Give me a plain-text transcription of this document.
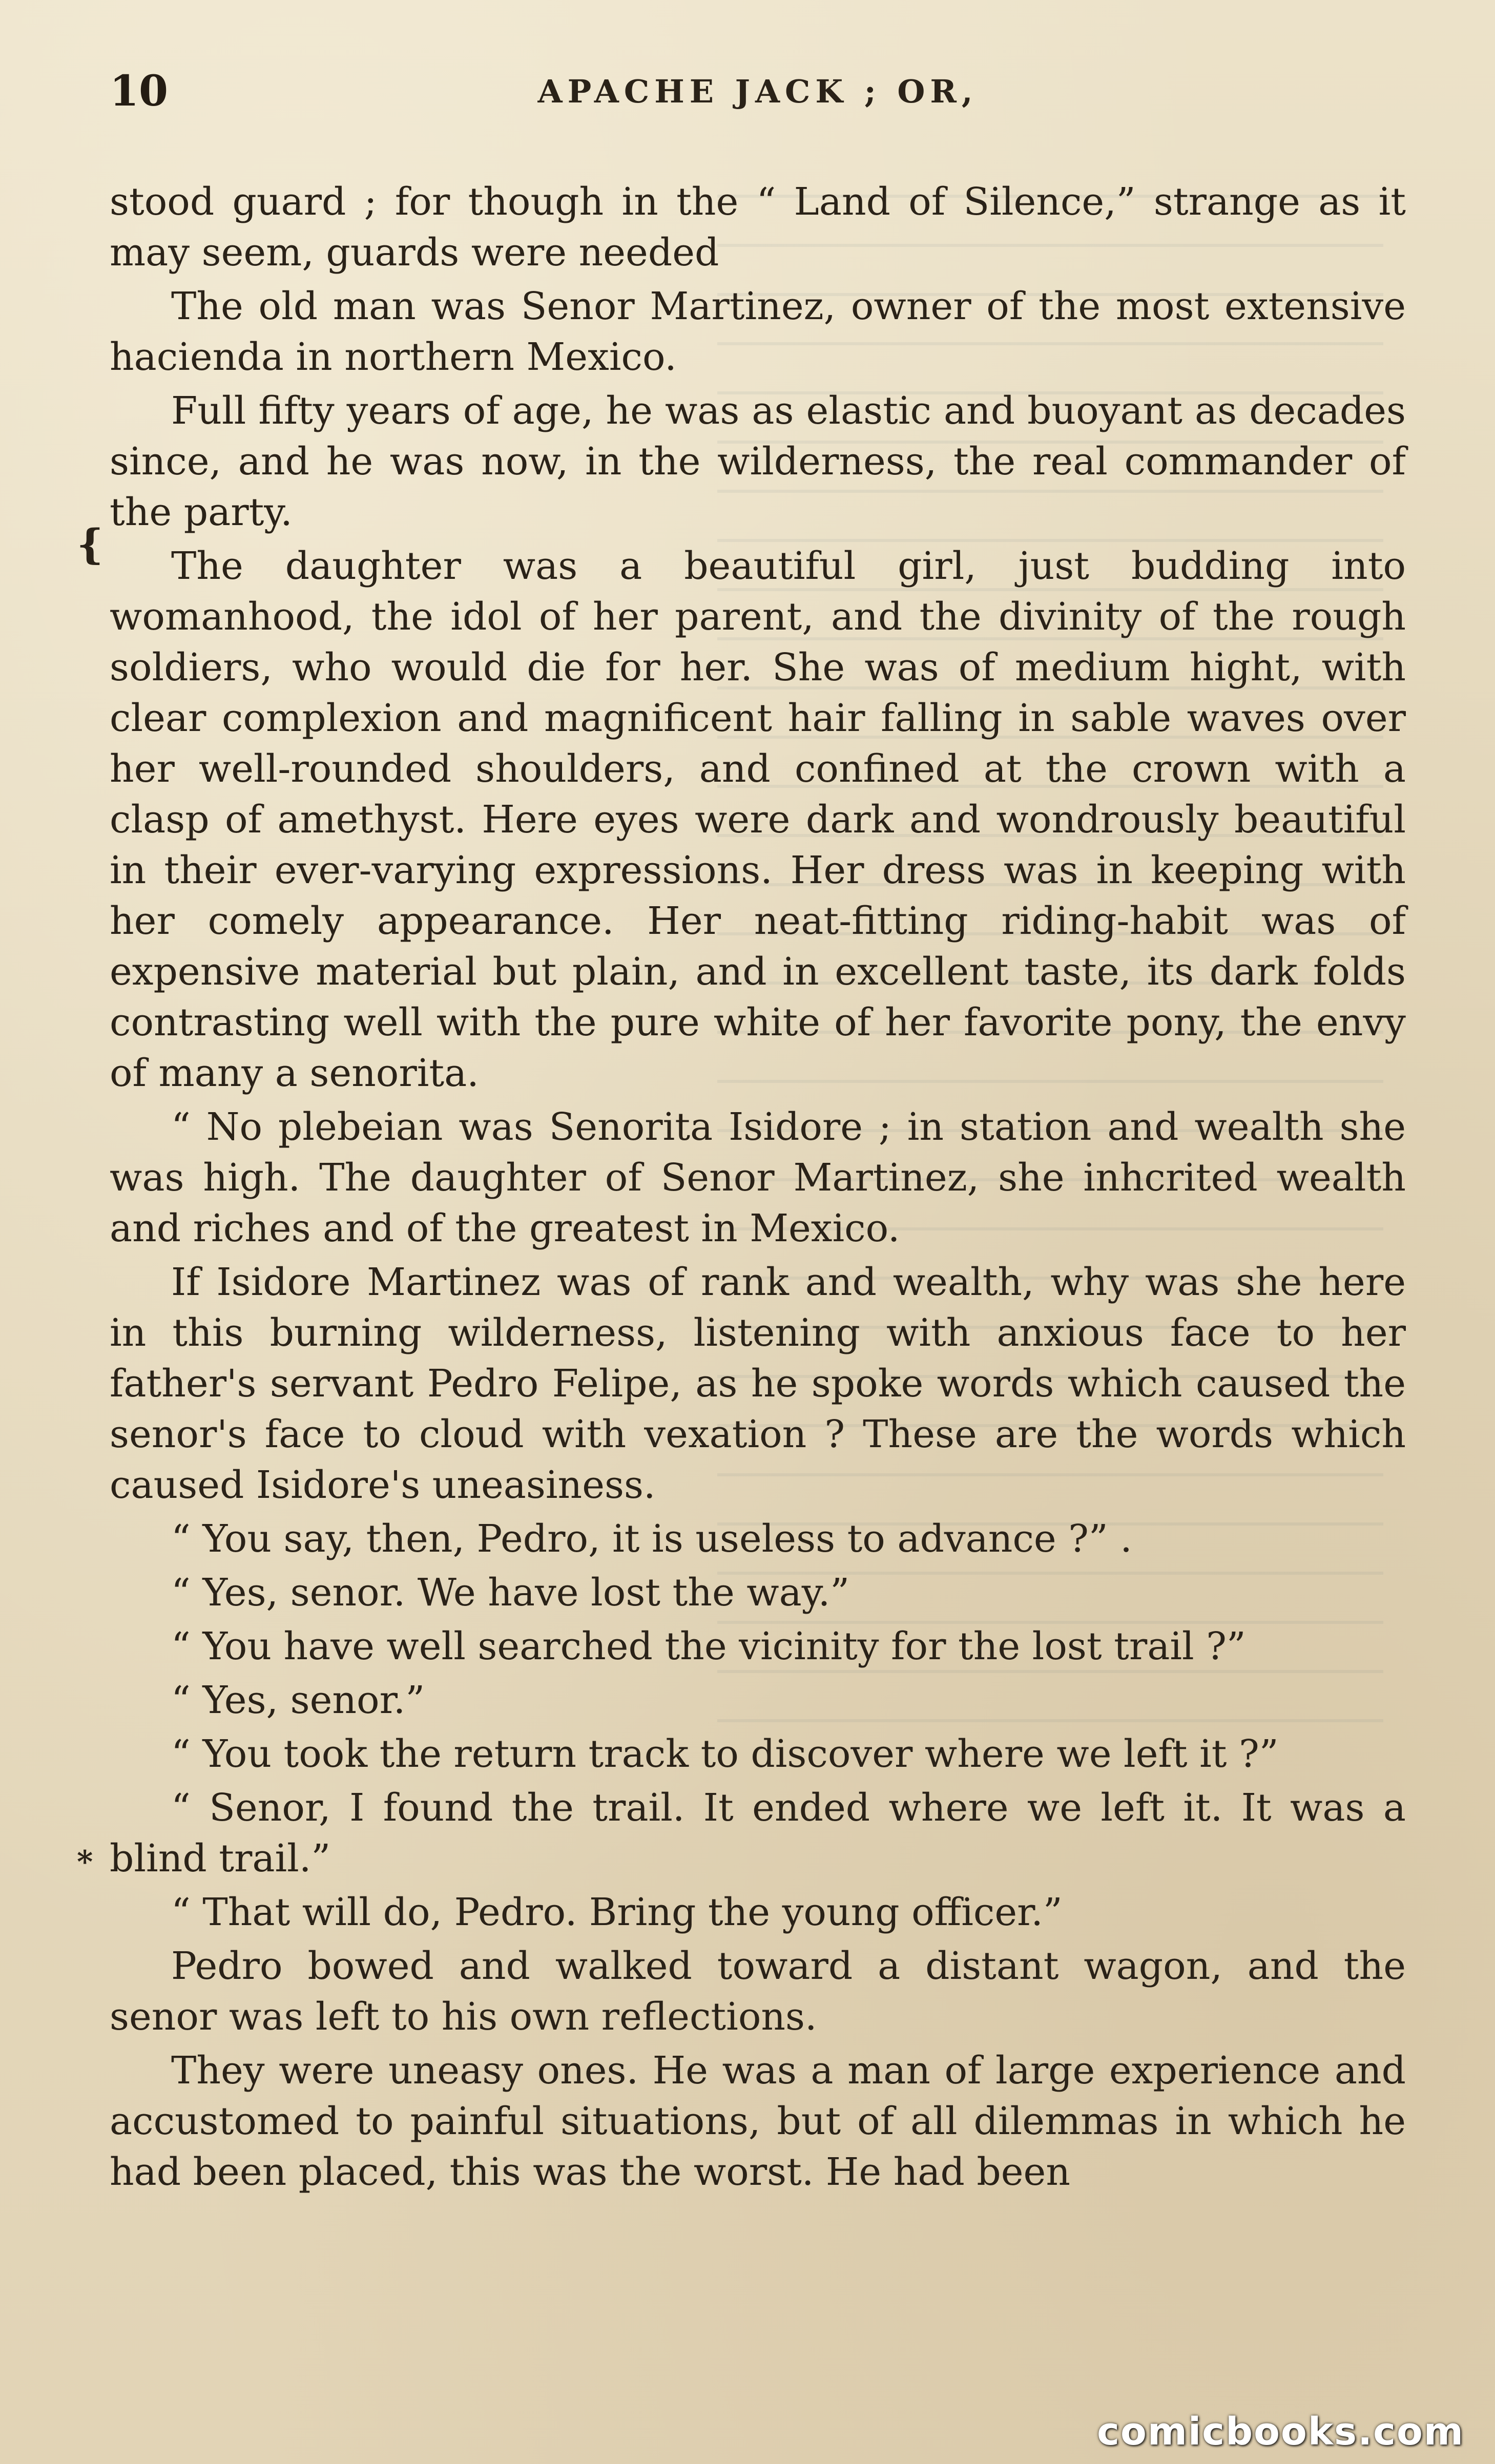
10	APACHE JACK ; OR,
{
*

stood guard ; for though in the “ Land of Silence,” strange as it may seem, guards were needed

The old man was Senor Martinez, owner of the most extensive hacienda in northern Mexico.

Full fifty years of age, he was as elastic and buoyant as decades since, and he was now, in the wilderness, the real commander of the party.

The daughter was a beautiful girl, just budding into womanhood, the idol of her parent, and the divinity of the rough soldiers, who would die for her. She was of medium hight, with clear complexion and magnificent hair falling in sable waves over her well-rounded shoulders, and confined at the crown with a clasp of amethyst. Here eyes were dark and wondrously beautiful in their ever-varying expressions. Her dress was in keeping with her comely appearance. Her neat-fitting riding-habit was of expensive material but plain, and in excellent taste, its dark folds contrasting well with the pure white of her favorite pony, the envy of many a senorita.

“ No plebeian was Senorita Isidore ; in station and wealth she was high. The daughter of Senor Martinez, she inhcrited wealth and riches and of the greatest in Mexico.

If Isidore Martinez was of rank and wealth, why was she here in this burning wilderness, listening with anxious face to her father's servant Pedro Felipe, as he spoke words which caused the senor's face to cloud with vexation ? These are the words which caused Isidore's uneasiness.

“ You say, then, Pedro, it is useless to advance ?” .

“ Yes, senor. We have lost the way.”

“ You have well searched the vicinity for the lost trail ?”

“ Yes, senor.”

“ You took the return track to discover where we left it ?”

“ Senor, I found the trail. It ended where we left it. It was a blind trail.”

“ That will do, Pedro. Bring the young officer.”

Pedro bowed and walked toward a distant wagon, and the senor was left to his own reflections.

They were uneasy ones. He was a man of large experience and accustomed to painful situations, but of all dilemmas in which he had been placed, this was the worst. He had been

comicbooks.com
